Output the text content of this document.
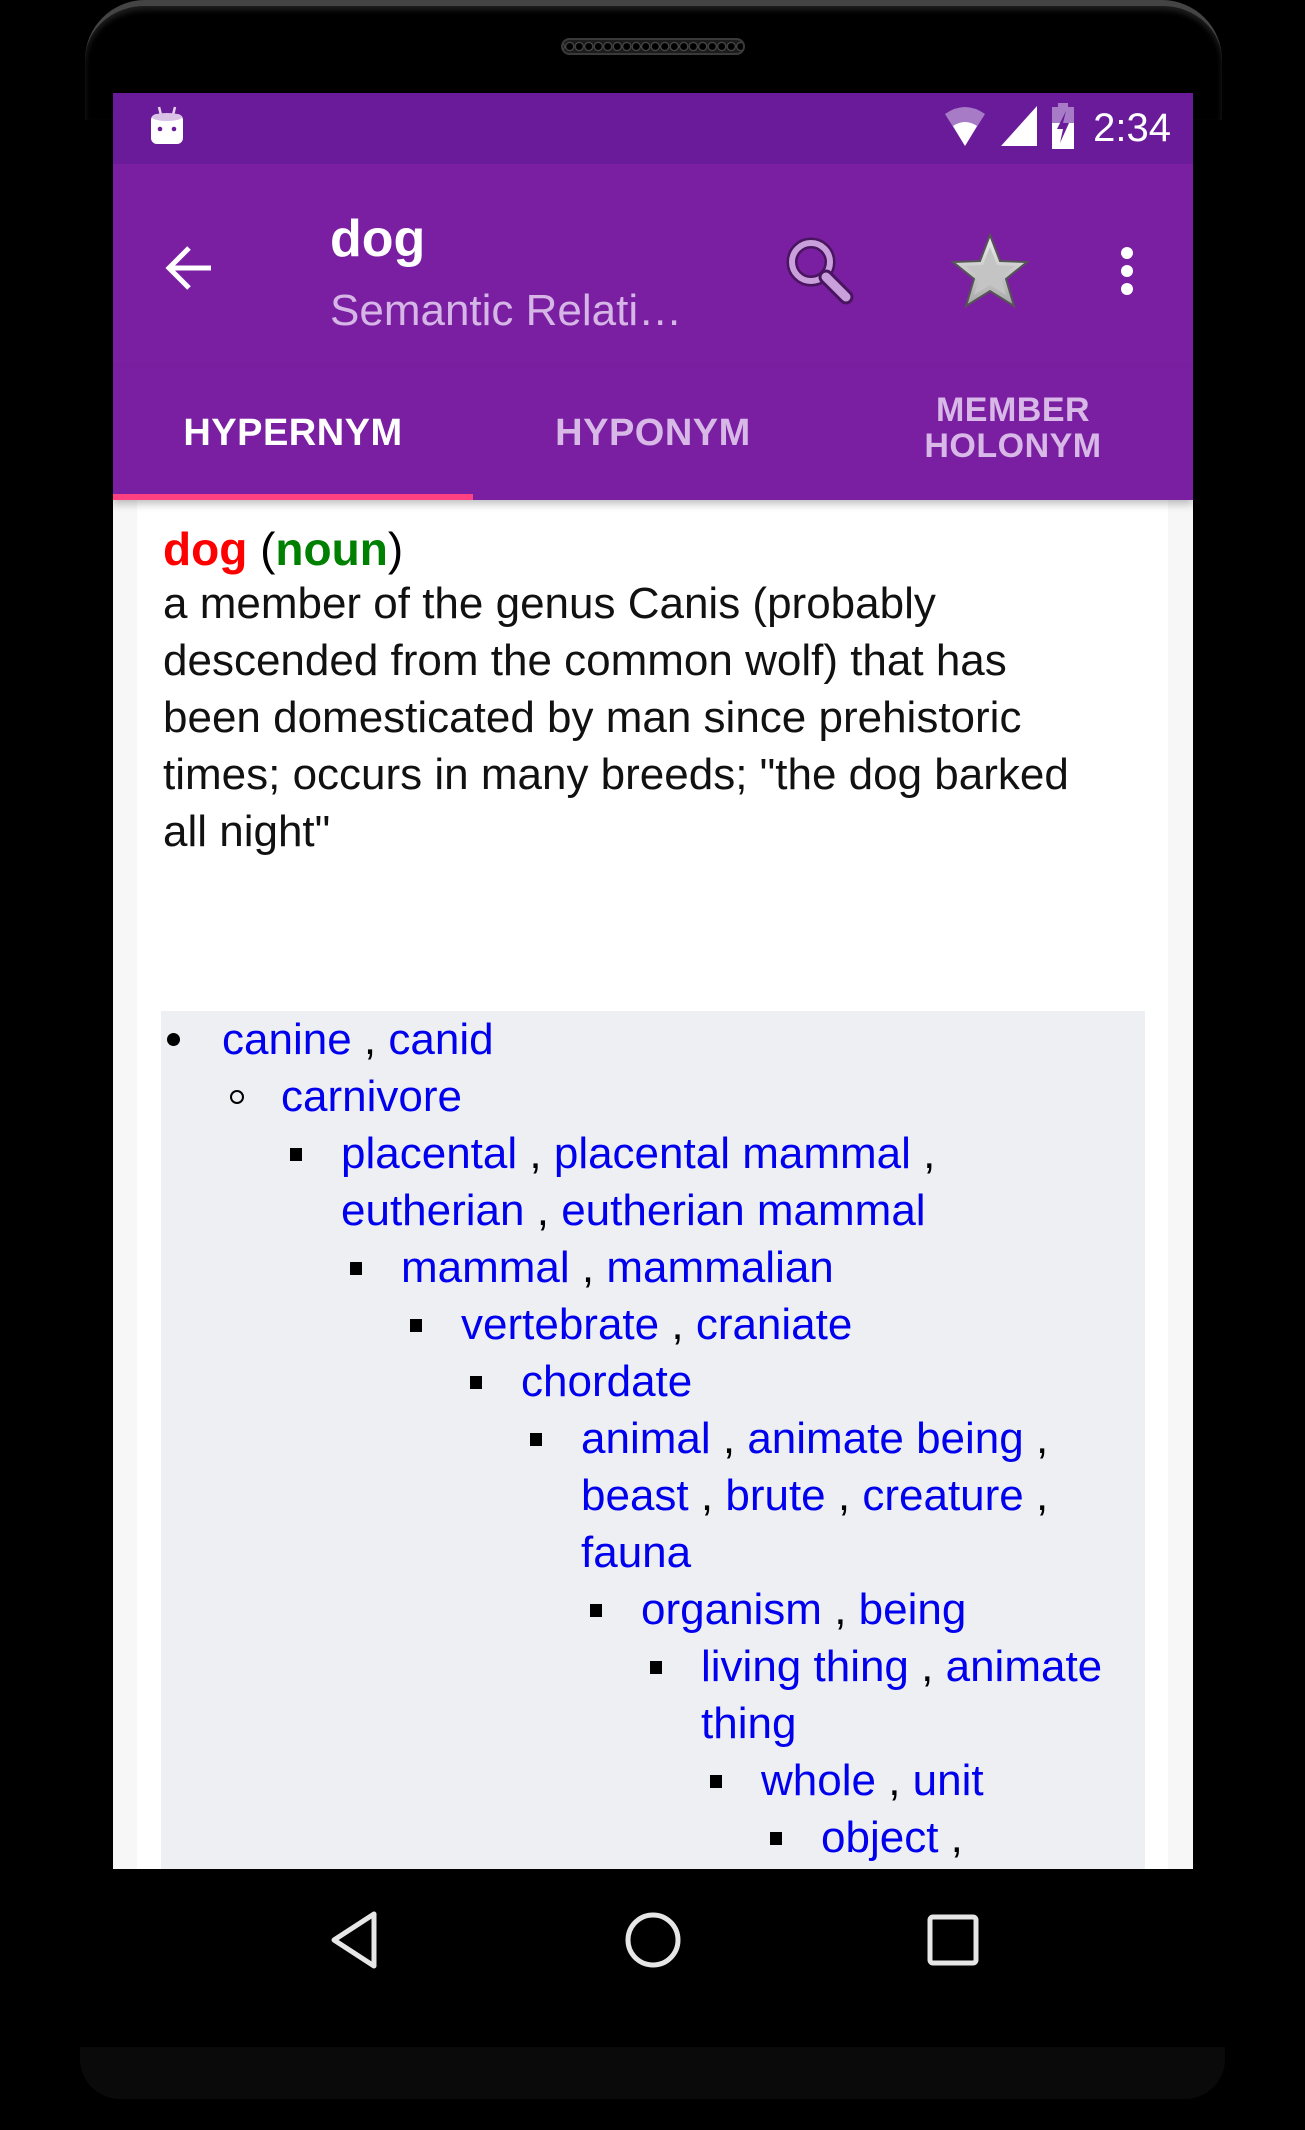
2:34
dog
Semantic Relati…
HYPERNYM	HYPONYM
MEMBER
HOLONYM
dog (noun)
a member of the genus Canis (probably
descended from the common wolf) that has
been domesticated by man since prehistoric
times; occurs in many breeds; "the dog barked
all night"
canine , canid
carnivore
placental , placental mammal ,
eutherian , eutherian mammal
mammal , mammalian
vertebrate , craniate
chordate
animal , animate being ,
beast , brute , creature ,
fauna
organism , being
living thing , animate
thing
whole , unit
object ,
